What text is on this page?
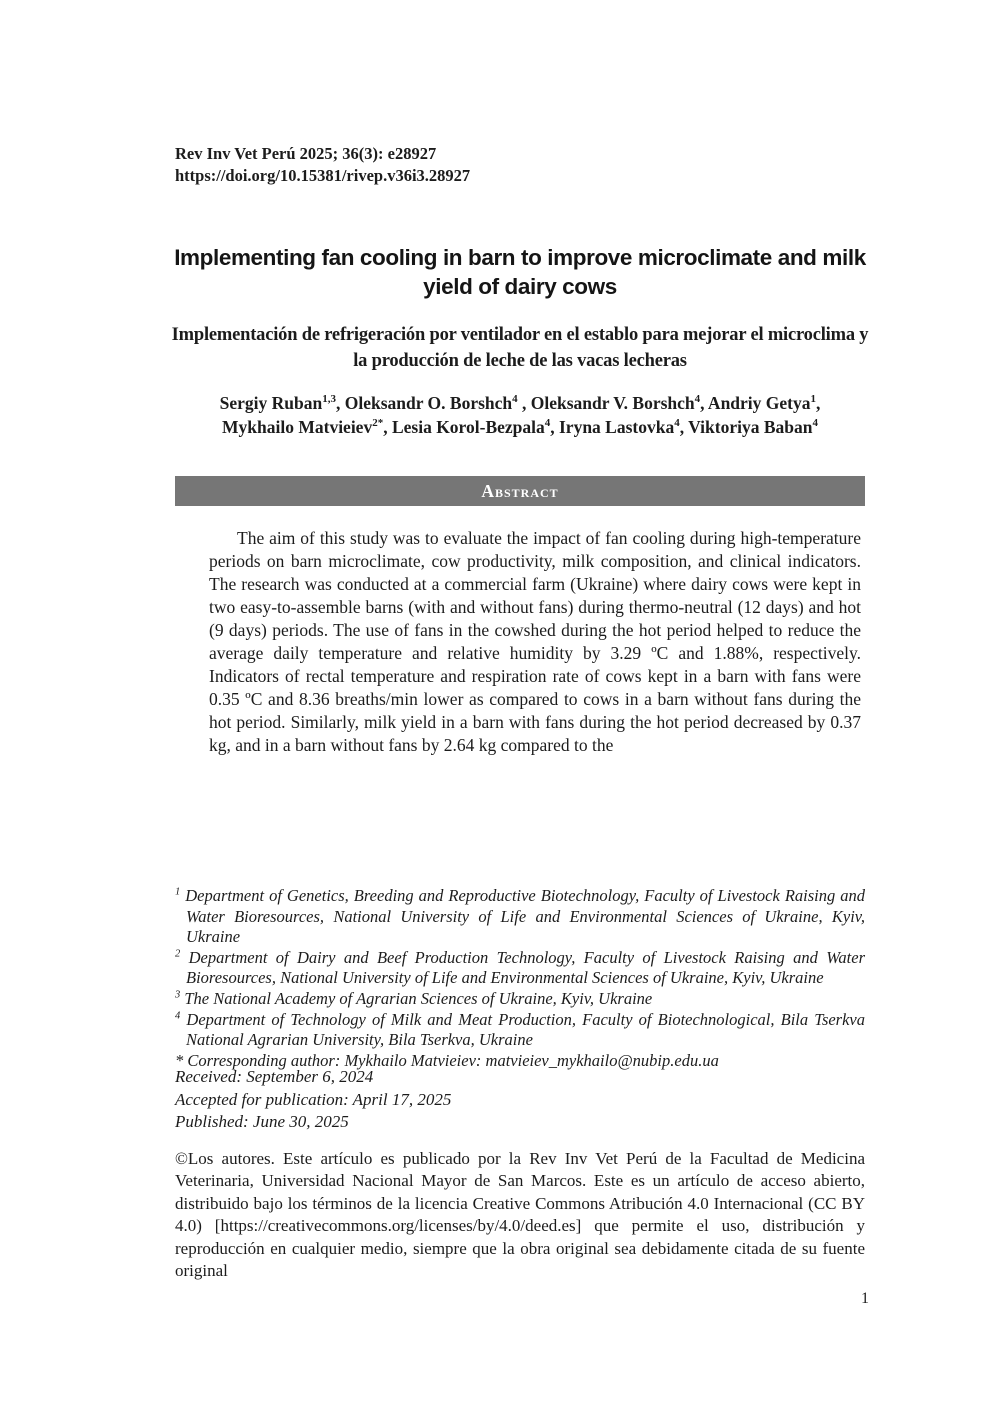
Rev Inv Vet Perú 2025; 36(3): e28927
https://doi.org/10.15381/rivep.v36i3.28927
Implementing fan cooling in barn to improve microclimate and milk yield of dairy cows
Implementación de refrigeración por ventilador en el establo para mejorar el microclima y la producción de leche de las vacas lecheras
Sergiy Ruban$^{1,3}$, Oleksandr O. Borshch$^4$ , Oleksandr V. Borshch$^4$, Andriy Getya$^1$,
Mykhailo Matvieiev$^{2*}$, Lesia Korol-Bezpala$^4$, Iryna Lastovka$^4$, Viktoriya Baban$^4$
Abstract
The aim of this study was to evaluate the impact of fan cooling during high-temperature periods on barn microclimate, cow productivity, milk composition, and clinical indicators. The research was conducted at a commercial farm (Ukraine) where dairy cows were kept in two easy-to-assemble barns (with and without fans) during thermo-neutral (12 days) and hot (9 days) periods. The use of fans in the cowshed during the hot period helped to reduce the average daily temperature and relative humidity by 3.29 ºC and 1.88%, respectively. Indicators of rectal temperature and respiration rate of cows kept in a barn with fans were 0.35 ºC and 8.36 breaths/min lower as compared to cows in a barn without fans during the hot period. Similarly, milk yield in a barn with fans during the hot period decreased by 0.37 kg, and in a barn without fans by 2.64 kg compared to the
$^1$ Department of Genetics, Breeding and Reproductive Biotechnology, Faculty of Livestock Raising and Water Bioresources, National University of Life and Environmental Sciences of Ukraine, Kyiv, Ukraine
$^2$ Department of Dairy and Beef Production Technology, Faculty of Livestock Raising and Water Bioresources, National University of Life and Environmental Sciences of Ukraine, Kyiv, Ukraine
$^3$ The National Academy of Agrarian Sciences of Ukraine, Kyiv, Ukraine
$^4$ Department of Technology of Milk and Meat Production, Faculty of Biotechnological, Bila Tserkva National Agrarian University, Bila Tserkva, Ukraine
* Corresponding author: Mykhailo Matvieiev: matvieiev_mykhailo@nubip.edu.ua
Received: September 6, 2024
Accepted for publication: April 17, 2025
Published: June 30, 2025
©Los autores. Este artículo es publicado por la Rev Inv Vet Perú de la Facultad de Medicina Veterinaria, Universidad Nacional Mayor de San Marcos. Este es un artículo de acceso abierto, distribuido bajo los términos de la licencia Creative Commons Atribución 4.0 Internacional (CC BY 4.0) [https://creativecommons.org/licenses/by/4.0/deed.es] que permite el uso, distribución y reproducción en cualquier medio, siempre que la obra original sea debidamente citada de su fuente original
1
